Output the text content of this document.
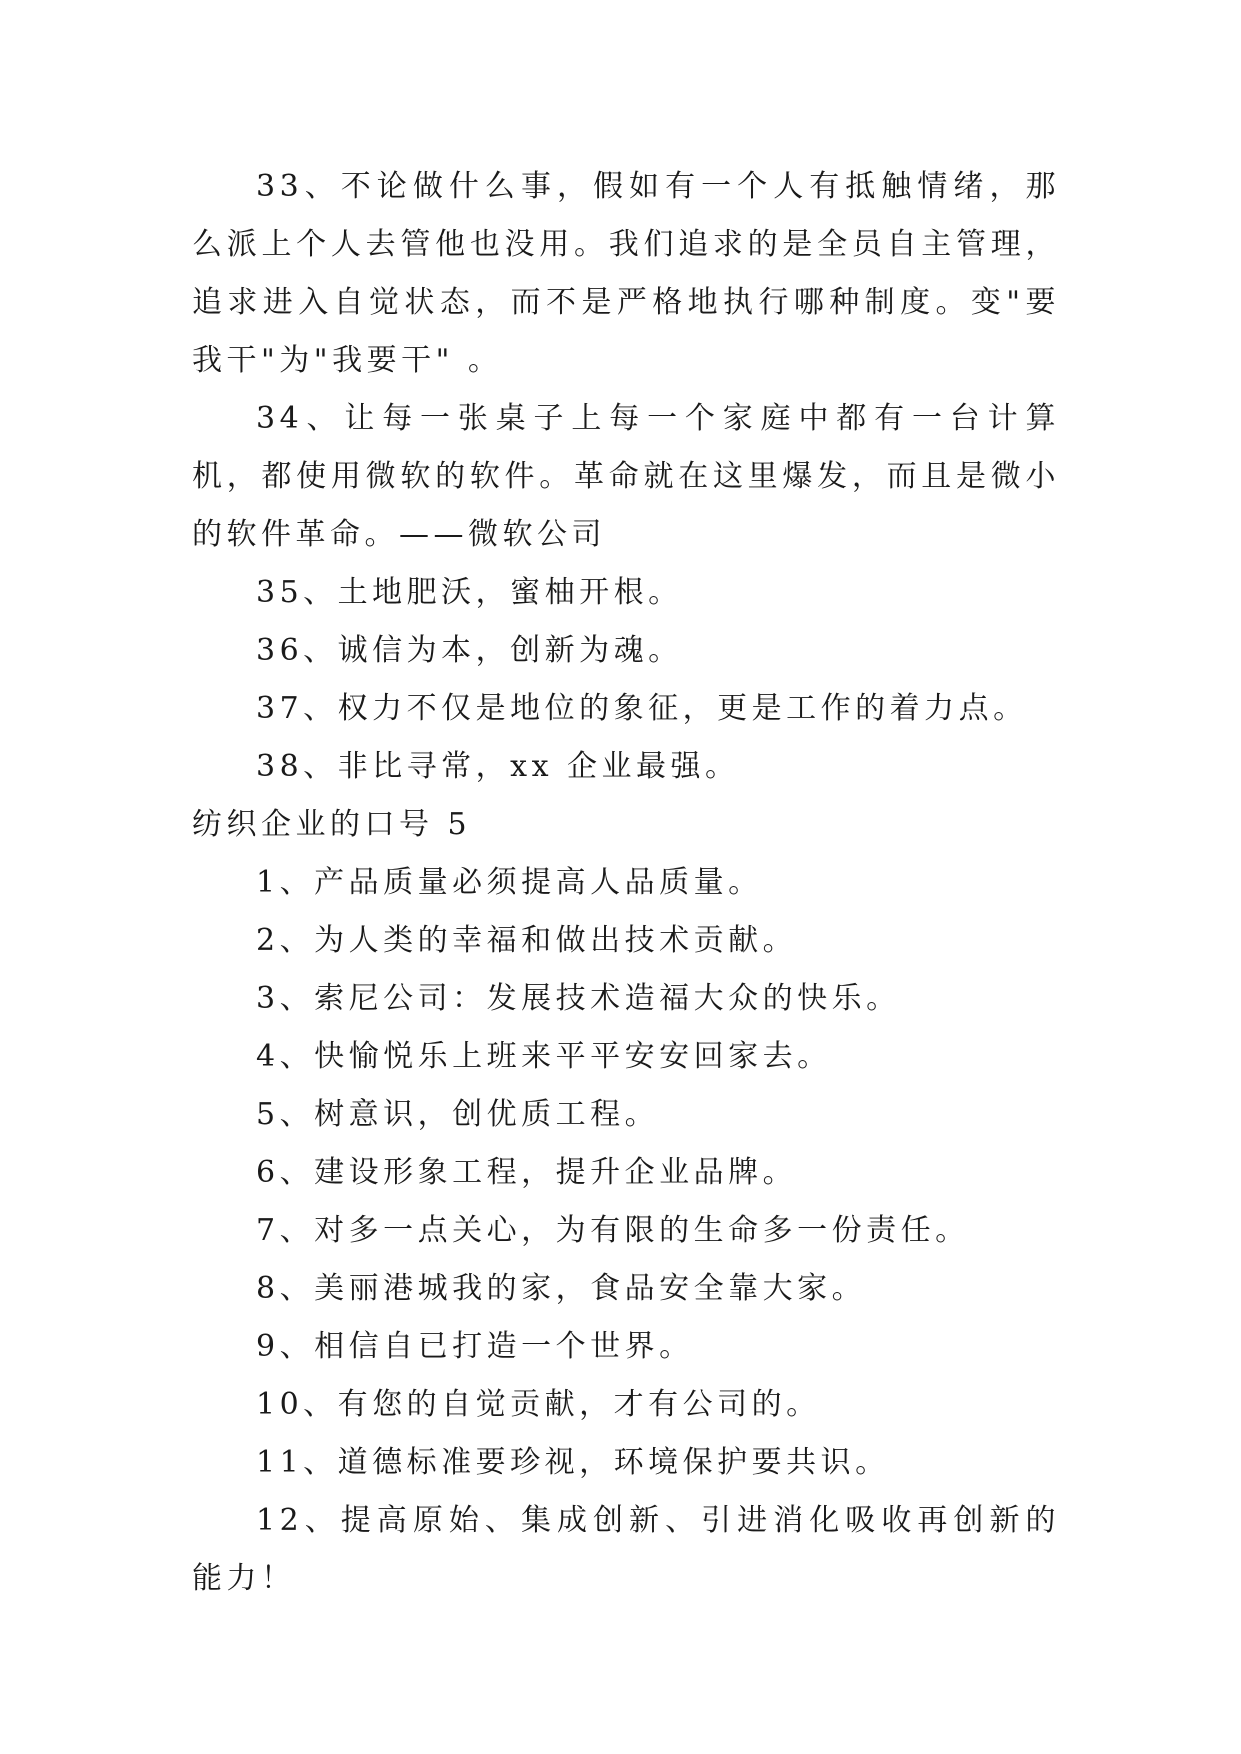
33、不论做什么事，假如有一个人有抵触情绪，那么派上个人去管他也没用。我们追求的是全员自主管理，追求进入自觉状态，而不是严格地执行哪种制度。变"要我干"为"我要干" 。

34、让每一张桌子上每一个家庭中都有一台计算机，都使用微软的软件。革命就在这里爆发，而且是微小的软件革命。——微软公司

35、土地肥沃，蜜柚开根。

36、诚信为本，创新为魂。

37、权力不仅是地位的象征，更是工作的着力点。

38、非比寻常，xx 企业最强。

纺织企业的口号 5

1、产品质量必须提高人品质量。

2、为人类的幸福和做出技术贡献。

3、索尼公司：发展技术造福大众的快乐。

4、快愉悦乐上班来平平安安回家去。

5、树意识，创优质工程。

6、建设形象工程，提升企业品牌。

7、对多一点关心，为有限的生命多一份责任。

8、美丽港城我的家，食品安全靠大家。

9、相信自已打造一个世界。

10、有您的自觉贡献，才有公司的。

11、道德标准要珍视，环境保护要共识。

12、提高原始、集成创新、引进消化吸收再创新的能力！
